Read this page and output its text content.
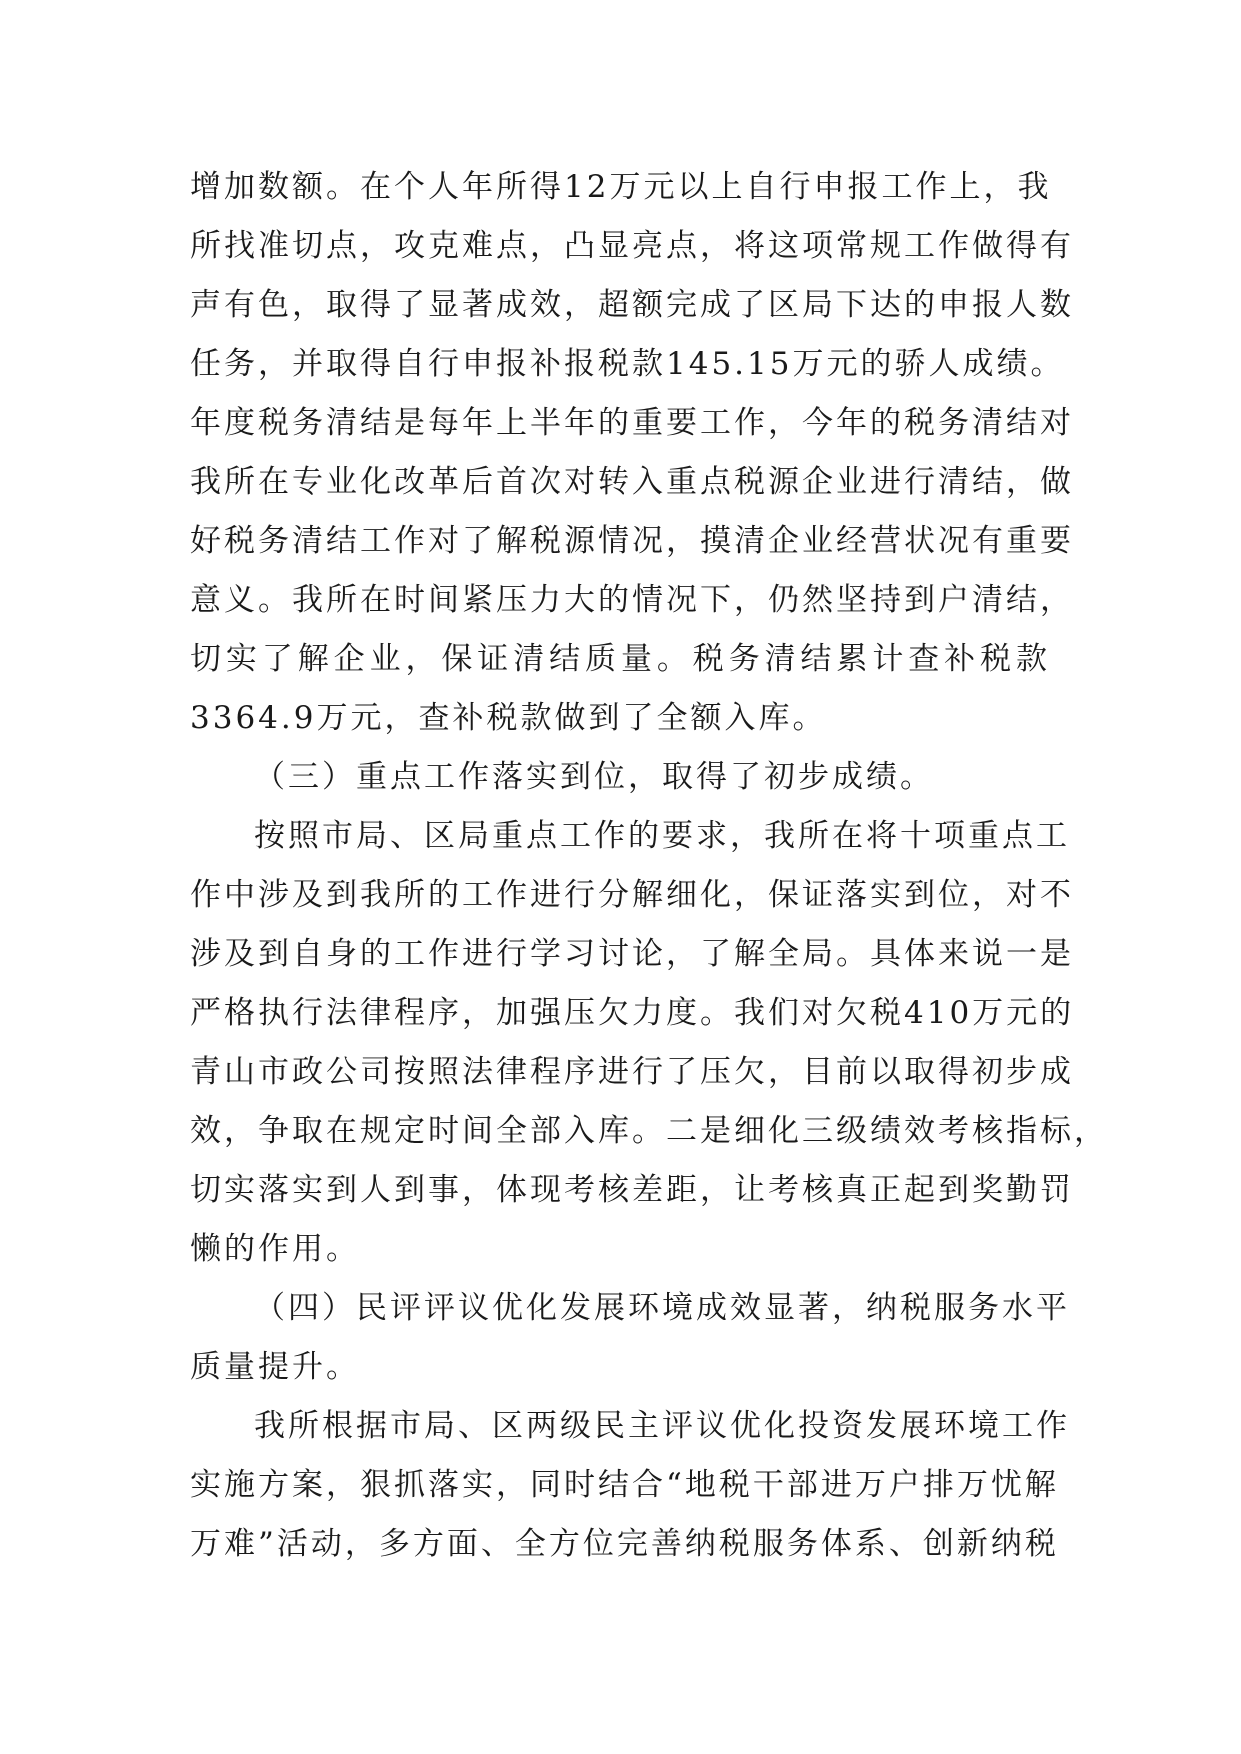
增加数额。在个人年所得12万元以上自行申报工作上，我
所找准切点，攻克难点，凸显亮点，将这项常规工作做得有
声有色，取得了显著成效，超额完成了区局下达的申报人数
任务，并取得自行申报补报税款145.15万元的骄人成绩。
年度税务清结是每年上半年的重要工作，今年的税务清结对
我所在专业化改革后首次对转入重点税源企业进行清结，做
好税务清结工作对了解税源情况，摸清企业经营状况有重要
意义。我所在时间紧压力大的情况下，仍然坚持到户清结，
切实了解企业，保证清结质量。税务清结累计查补税款
3364.9万元，查补税款做到了全额入库。
（三）重点工作落实到位，取得了初步成绩。
按照市局、区局重点工作的要求，我所在将十项重点工
作中涉及到我所的工作进行分解细化，保证落实到位，对不
涉及到自身的工作进行学习讨论，了解全局。具体来说一是
严格执行法律程序，加强压欠力度。我们对欠税410万元的
青山市政公司按照法律程序进行了压欠，目前以取得初步成
效，争取在规定时间全部入库。二是细化三级绩效考核指标，
切实落实到人到事，体现考核差距，让考核真正起到奖勤罚
懒的作用。
（四）民评评议优化发展环境成效显著，纳税服务水平
质量提升。
我所根据市局、区两级民主评议优化投资发展环境工作
实施方案，狠抓落实，同时结合“地税干部进万户排万忧解
万难”活动，多方面、全方位完善纳税服务体系、创新纳税
